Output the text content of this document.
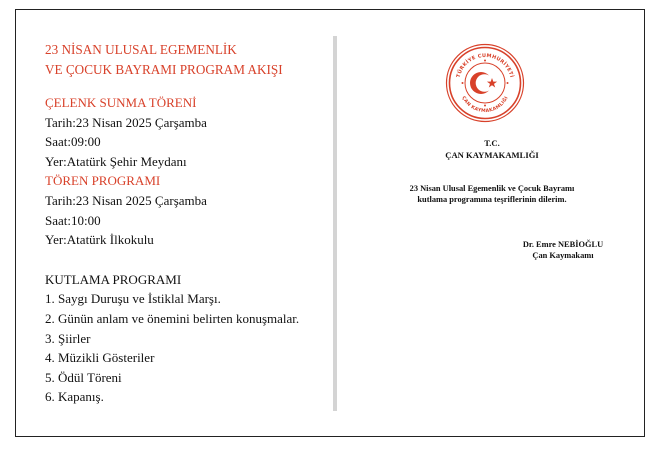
23 NİSAN ULUSAL EGEMENLİK
VE ÇOCUK BAYRAMI PROGRAM AKIŞI
ÇELENK SUNMA TÖRENİ
Tarih:23 Nisan 2025 Çarşamba
Saat:09:00
Yer:Atatürk Şehir Meydanı
TÖREN PROGRAMI
Tarih:23 Nisan 2025 Çarşamba
Saat:10:00
Yer:Atatürk İlkokulu
KUTLAMA PROGRAMI
1. Saygı Duruşu ve İstiklal Marşı.
2. Günün anlam ve önemini belirten konuşmalar.
3. Şiirler
4. Müzikli Gösteriler
5. Ödül Töreni
6. Kapanış.
TÜRKİYE CUMHURİYETİ
ÇAN KAYMAKAMLIĞI
T.C.
ÇAN KAYMAKAMLIĞI
23 Nisan Ulusal Egemenlik ve Çocuk Bayramı
kutlama programına teşriflerinin dilerim.
Dr. Emre NEBİOĞLU
Çan Kaymakamı
